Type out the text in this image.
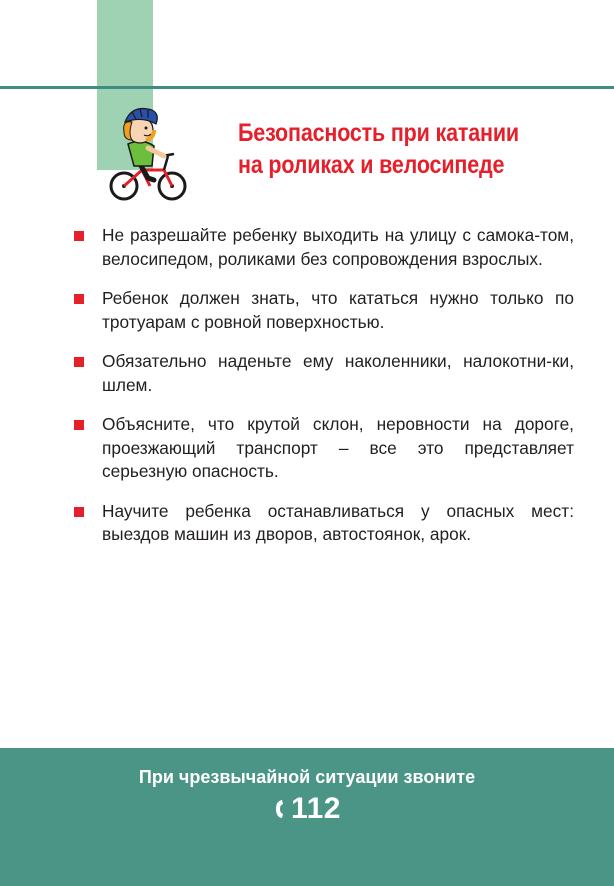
Безопасность при катании
на роликах и велосипеде
Не разрешайте ребенку выходить на улицу с самока-том, велосипедом, роликами без сопровождения взрослых.
Ребенок должен знать, что кататься нужно только по тротуарам с ровной поверхностью.
Обязательно наденьте ему наколенники, налокотни-ки, шлем.
Объясните, что крутой склон, неровности на дороге, проезжающий транспорт – все это представляет серьезную опасность.
Научите ребенка останавливаться у опасных мест: выездов машин из дворов, автостоянок, арок.
При чрезвычайной ситуации звоните
112
